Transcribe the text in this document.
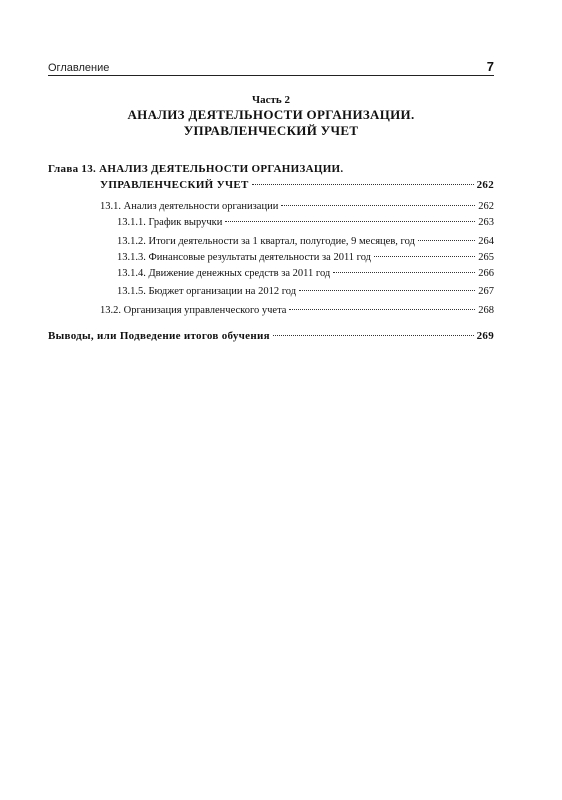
Оглавление	7
Часть 2
АНАЛИЗ ДЕЯТЕЛЬНОСТИ ОРГАНИЗАЦИИ.
УПРАВЛЕНЧЕСКИЙ УЧЕТ
Глава 13. АНАЛИЗ ДЕЯТЕЛЬНОСТИ ОРГАНИЗАЦИИ.
УПРАВЛЕНЧЕСКИЙ УЧЕТ	262
13.1. Анализ деятельности организации	262
13.1.1. График выручки	263
13.1.2. Итоги деятельности за 1 квартал, полугодие, 9 месяцев, год	264
13.1.3. Финансовые результаты деятельности за 2011 год	265
13.1.4. Движение денежных средств за 2011 год	266
13.1.5. Бюджет организации на 2012 год	267
13.2. Организация управленческого учета	268
Выводы, или Подведение итогов обучения	269
